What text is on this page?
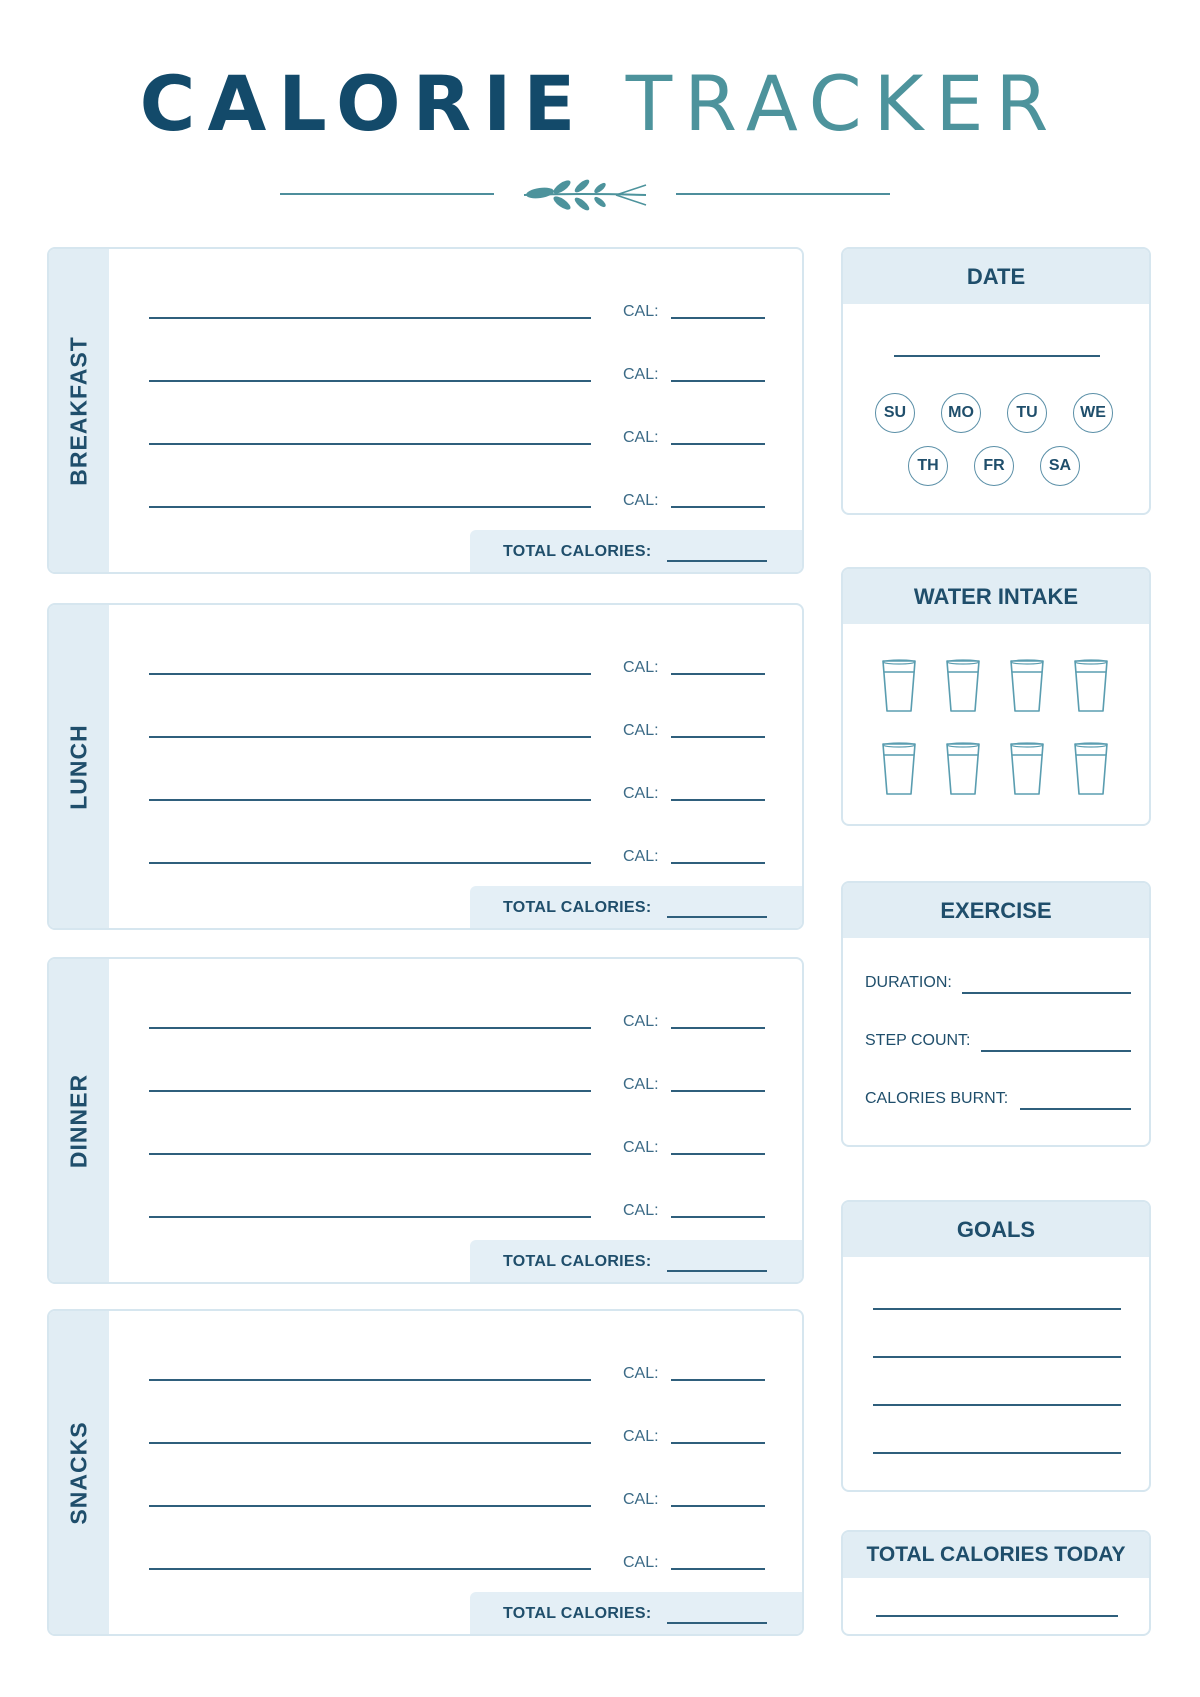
CALORIE TRACKER
BREAKFAST
CAL:
CAL:
CAL:
CAL:
TOTAL CALORIES:
LUNCH
CAL:
CAL:
CAL:
CAL:
TOTAL CALORIES:
DINNER
CAL:
CAL:
CAL:
CAL:
TOTAL CALORIES:
SNACKS
CAL:
CAL:
CAL:
CAL:
TOTAL CALORIES:
DATE
SU	MO	TU	WE
TH	FR	SA
WATER INTAKE
EXERCISE
DURATION:
STEP COUNT:
CALORIES BURNT:
GOALS
TOTAL CALORIES TODAY
